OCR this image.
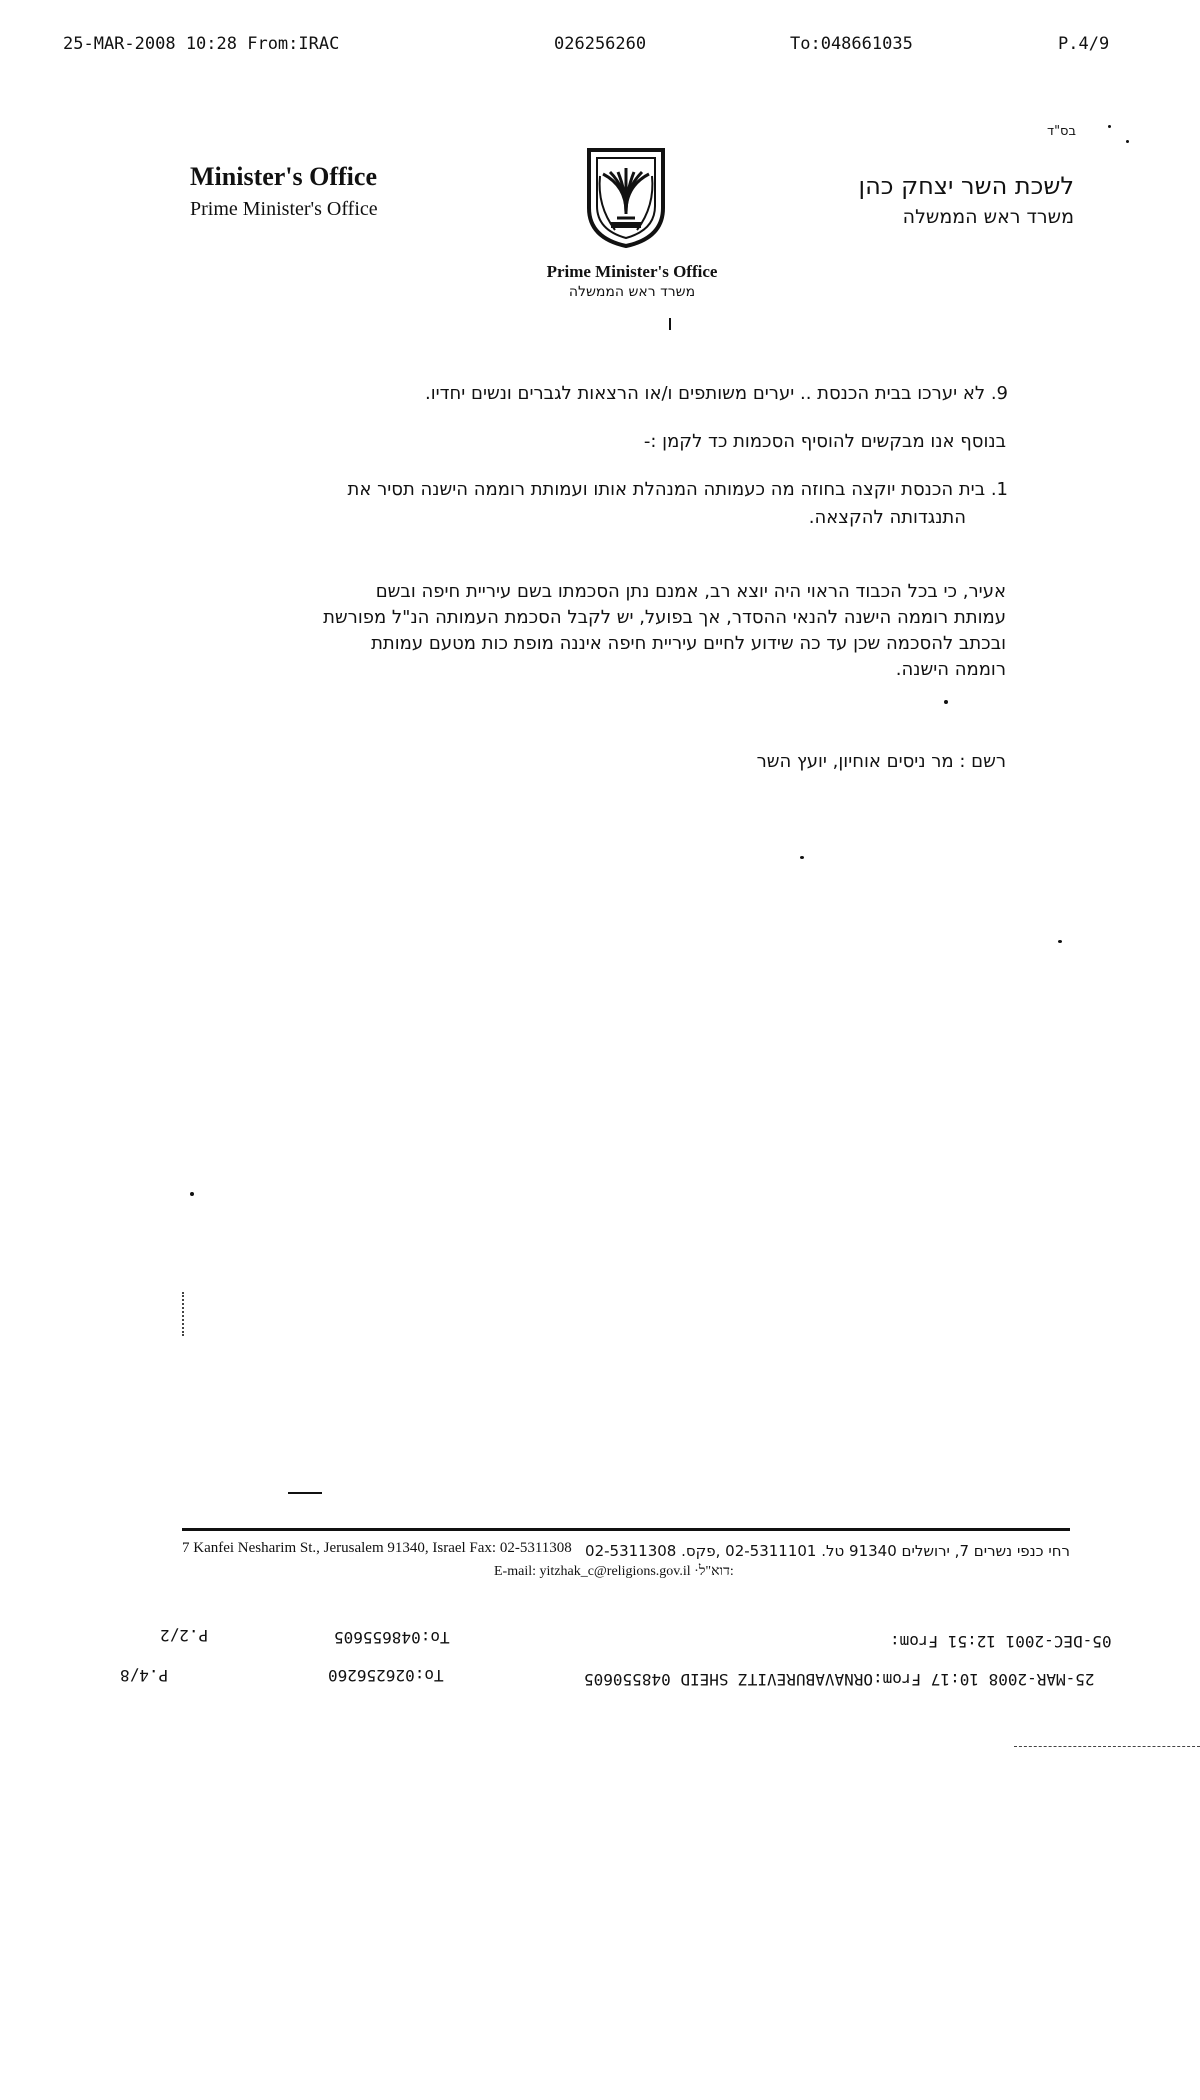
25-MAR-2008 10:28 From:IRAC	026256260	To:048661035	P.4/9
בס"ד
Minister's Office
Prime Minister's Office
לשכת השר יצחק כהן
משרד ראש הממשלה
Prime Minister's Office
משרד ראש הממשלה
9. לא יערכו בבית הכנסת .. יערים משותפים ו/או הרצאות לגברים ונשים יחדיו.
בנוסף אנו מבקשים להוסיף הסכמות כד לקמן :-
1. בית הכנסת יוקצה בחוזה מה כעמותה המנהלת אותו ועמותת רוממה הישנה תסיר את
התנגדותה להקצאה.
אעיר, כי בכל הכבוד הראוי היה יוצא רב, אמנם נתן הסכמתו בשם עיריית חיפה ובשם
עמותת רוממה הישנה להנאי ההסדר, אך בפועל, יש לקבל הסכמת העמותה הנ"ל מפורשת
ובכתב להסכמה שכן עד כה שידוע לחיים עיריית חיפה איננה מופת כות מטעם עמותת
רוממה הישנה.
רשם : מר ניסים אוחיון, יועץ השר
7 Kanfei Nesharim St., Jerusalem 91340, Israel Fax: 02-5311308 רחי כנפי נשרים 7, ירושלים 91340 טל. 02-5311101 ,פקס. 02-5311308
E-mail: yitzhak_c@religions.gov.il ·דוא"ל:
05-DEC-2001 12:51 From:
To:048655605
P.2/2
25-MAR-2008 10:17 From:ORNAVABUREVITZ SHEID 048550605
To:026256260
P.4/8
